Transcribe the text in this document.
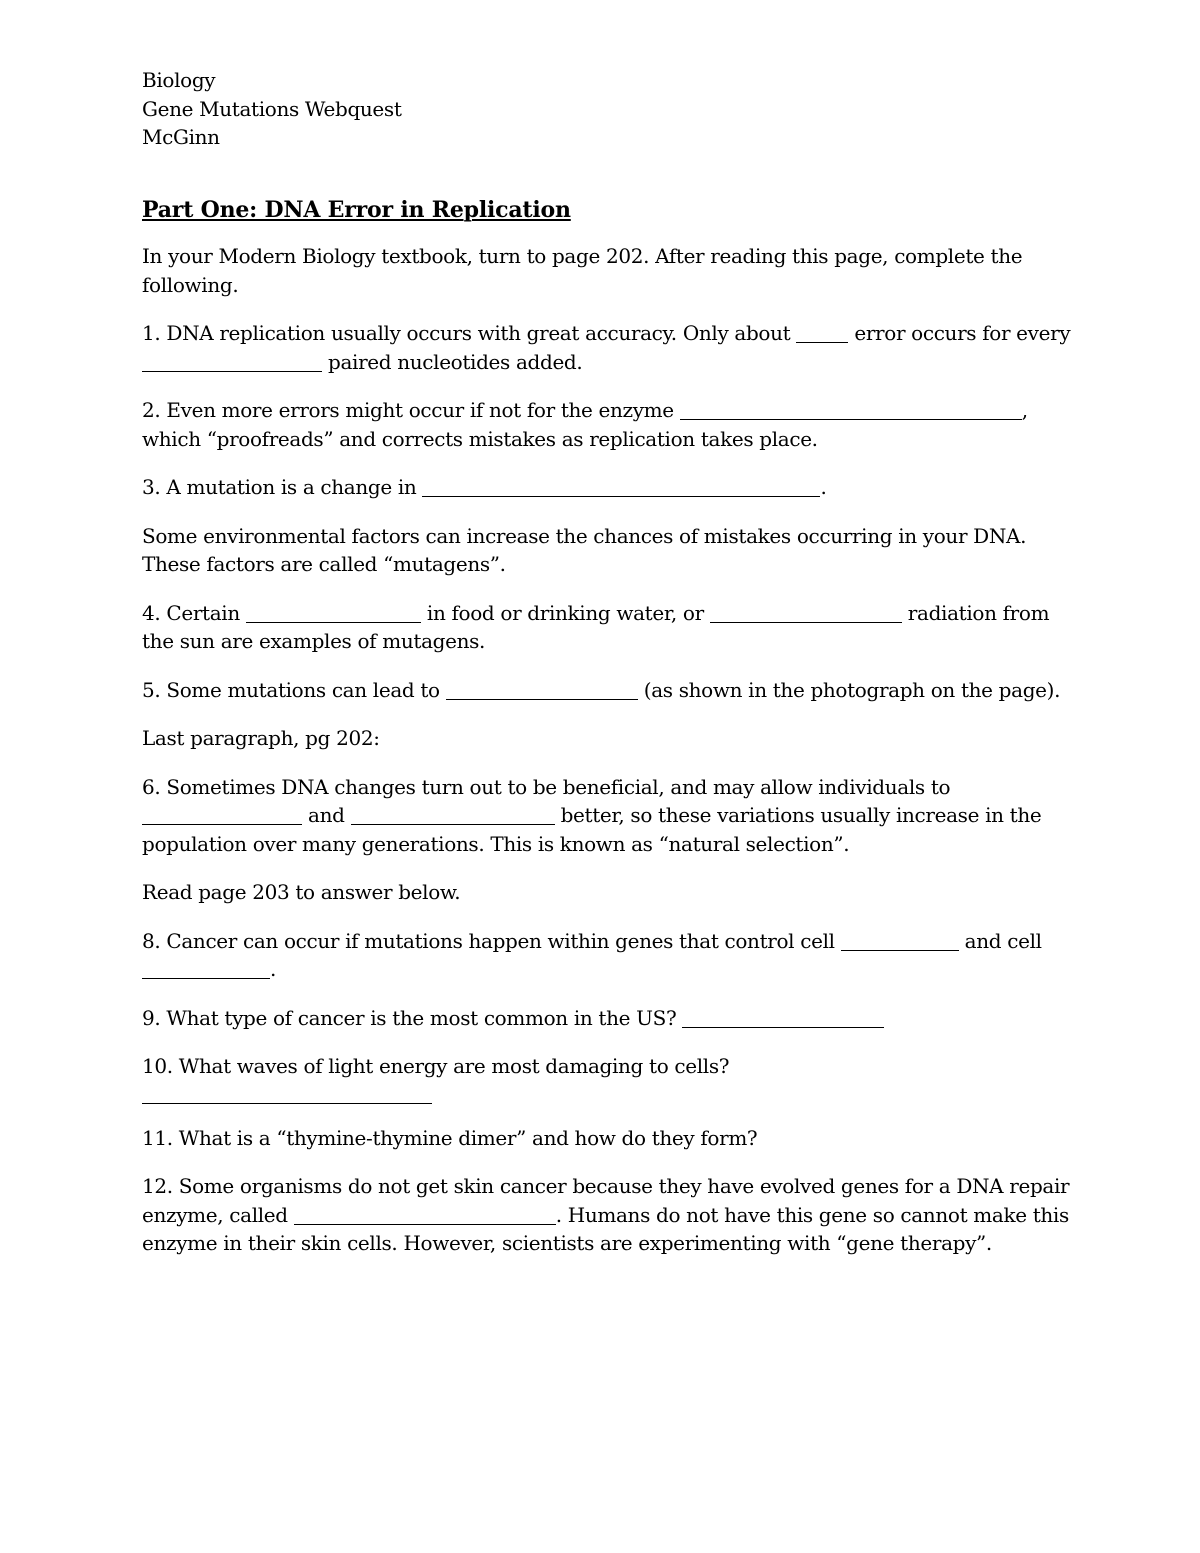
Biology
Gene Mutations Webquest
McGinn
Part One: DNA Error in Replication

In your Modern Biology textbook, turn to page 202. After reading this page, complete the following.

1. DNA replication usually occurs with great accuracy. Only about	error occurs for every  paired nucleotides added.

2. Even more errors might occur if not for the enzyme	, which “proofreads” and corrects mistakes as replication takes place.

3. A mutation is a change in	.

Some environmental factors can increase the chances of mistakes occurring in your DNA. These factors are called “mutagens”.

4. Certain	in food or drinking water, or	radiation from the sun are examples of mutagens.

5. Some mutations can lead to	(as shown in the photograph on the page).

Last paragraph, pg 202:

6. Sometimes DNA changes turn out to be beneficial, and may allow individuals to  and	better, so these variations usually increase in the population over many generations. This is known as “natural selection”.

Read page 203 to answer below.

8. Cancer can occur if mutations happen within genes that control cell	and cell .

9. What type of cancer is the most common in the US?

10. What waves of light energy are most damaging to cells?

11. What is a “thymine-thymine dimer” and how do they form?

12. Some organisms do not get skin cancer because they have evolved genes for a DNA repair enzyme, called	. Humans do not have this gene so cannot make this enzyme in their skin cells. However, scientists are experimenting with “gene therapy”.
